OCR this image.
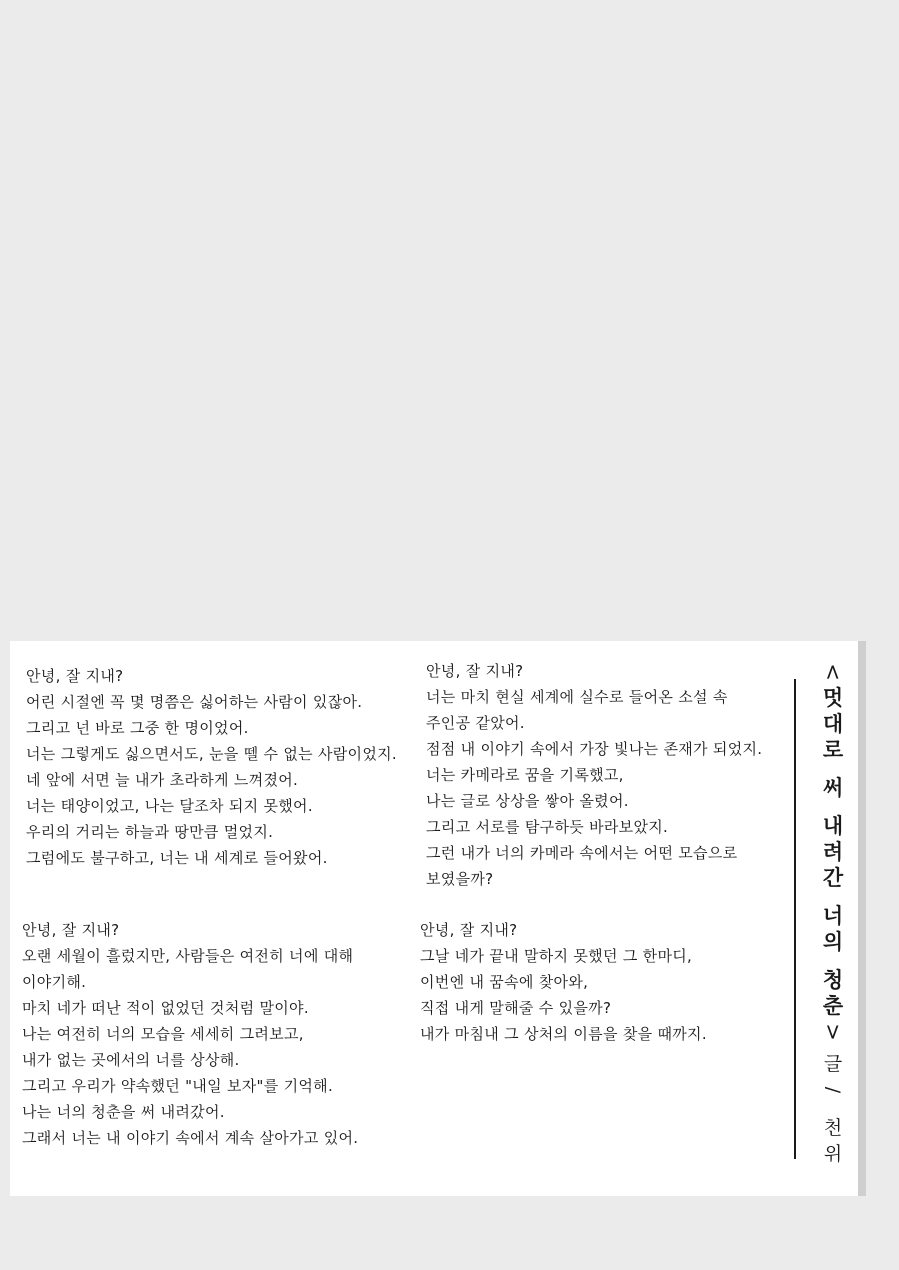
안녕, 잘 지내?
어린 시절엔 꼭 몇 명쯤은 싫어하는 사람이 있잖아.
그리고 넌 바로 그중 한 명이었어.
너는 그렇게도 싫으면서도, 눈을 뗄 수 없는 사람이었지.
네 앞에 서면 늘 내가 초라하게 느껴졌어.
너는 태양이었고, 나는 달조차 되지 못했어.
우리의 거리는 하늘과 땅만큼 멀었지.
그럼에도 불구하고, 너는 내 세계로 들어왔어.
안녕, 잘 지내?
너는 마치 현실 세계에 실수로 들어온 소설 속
주인공 같았어.
점점 내 이야기 속에서 가장 빛나는 존재가 되었지.
너는 카메라로 꿈을 기록했고,
나는 글로 상상을 쌓아 올렸어.
그리고 서로를 탐구하듯 바라보았지.
그런 내가 너의 카메라 속에서는 어떤 모습으로
보였을까?
안녕, 잘 지내?
오랜 세월이 흘렀지만, 사람들은 여전히 너에 대해
이야기해.
마치 네가 떠난 적이 없었던 것처럼 말이야.
나는 여전히 너의 모습을 세세히 그려보고,
내가 없는 곳에서의 너를 상상해.
그리고 우리가 약속했던 "내일 보자"를 기억해.
나는 너의 청춘을 써 내려갔어.
그래서 너는 내 이야기 속에서 계속 살아가고 있어.
안녕, 잘 지내?
그날 네가 끝내 말하지 못했던 그 한마디,
이번엔 내 꿈속에 찾아와,
직접 내게 말해줄 수 있을까?
내가 마침내 그 상처의 이름을 찾을 때까지.
<
멋
대
로
써
내
려
간
너
의
청
춘
>
글
/
천
위
